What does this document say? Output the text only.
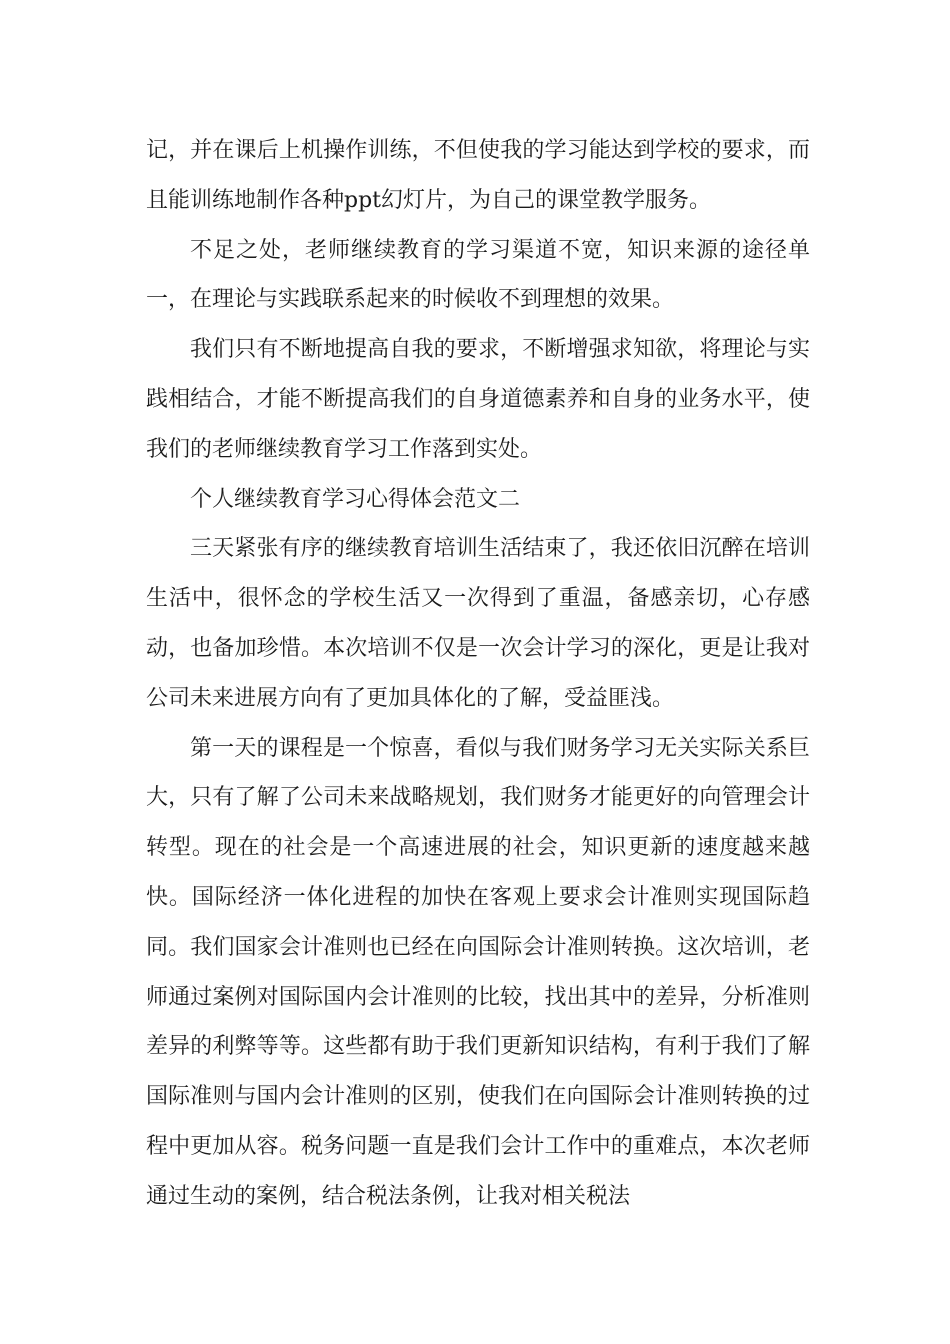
记，并在课后上机操作训练，不但使我的学习能达到学校的要求，而且能训练地制作各种ppt幻灯片，为自己的课堂教学服务。

不足之处，老师继续教育的学习渠道不宽，知识来源的途径单一，在理论与实践联系起来的时候收不到理想的效果。

我们只有不断地提高自我的要求，不断增强求知欲，将理论与实践相结合，才能不断提高我们的自身道德素养和自身的业务水平，使我们的老师继续教育学习工作落到实处。

个人继续教育学习心得体会范文二

三天紧张有序的继续教育培训生活结束了，我还依旧沉醉在培训生活中，很怀念的学校生活又一次得到了重温，备感亲切，心存感动，也备加珍惜。本次培训不仅是一次会计学习的深化，更是让我对公司未来进展方向有了更加具体化的了解，受益匪浅。

第一天的课程是一个惊喜，看似与我们财务学习无关实际关系巨大，只有了解了公司未来战略规划，我们财务才能更好的向管理会计转型。现在的社会是一个高速进展的社会，知识更新的速度越来越快。国际经济一体化进程的加快在客观上要求会计准则实现国际趋同。我们国家会计准则也已经在向国际会计准则转换。这次培训，老师通过案例对国际国内会计准则的比较，找出其中的差异，分析准则差异的利弊等等。这些都有助于我们更新知识结构，有利于我们了解国际准则与国内会计准则的区别，使我们在向国际会计准则转换的过程中更加从容。税务问题一直是我们会计工作中的重难点，本次老师通过生动的案例，结合税法条例，让我对相关税法
